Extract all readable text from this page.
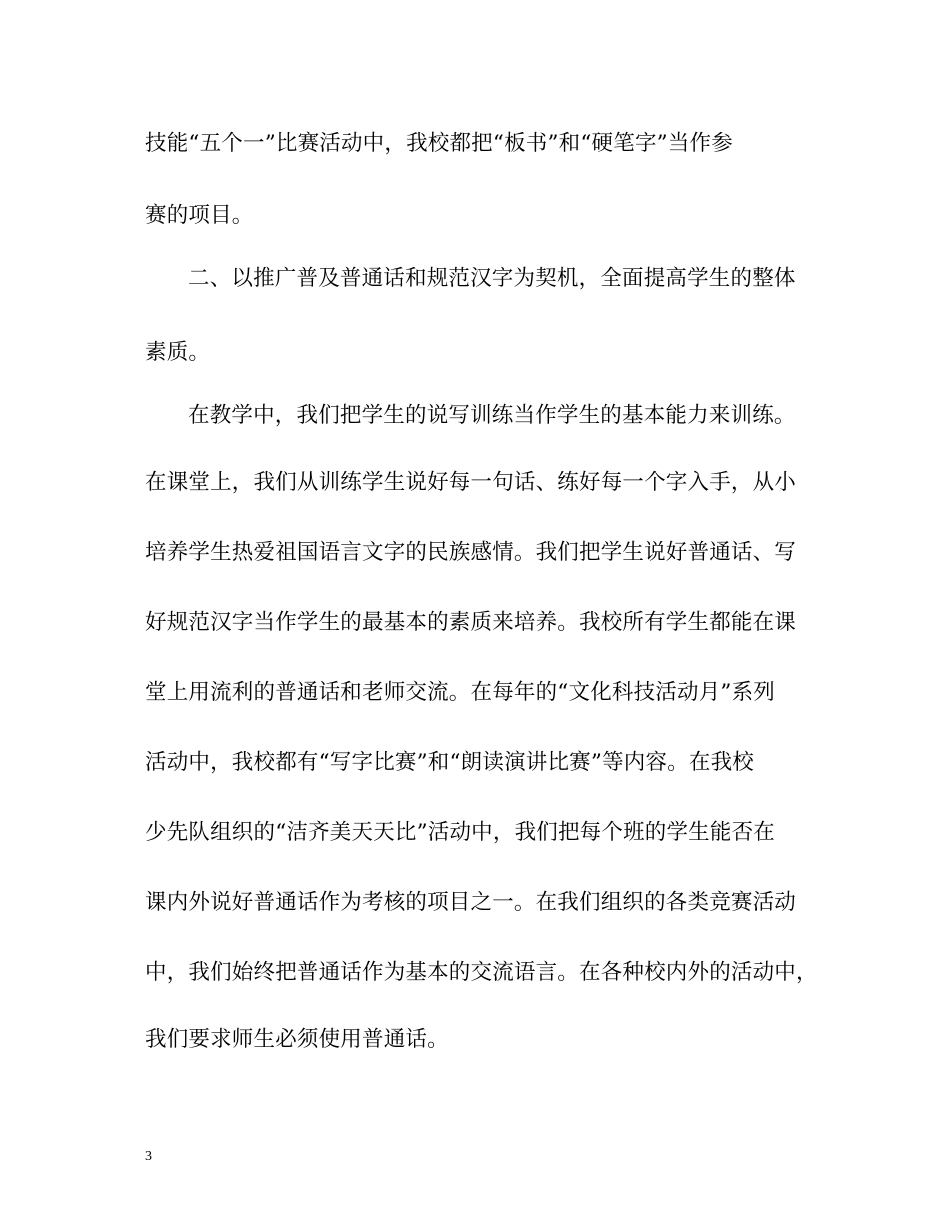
技能“五个一”比赛活动中，我校都把“板书”和“硬笔字”当作参
赛的项目。
二、以推广普及普通话和规范汉字为契机，全面提高学生的整体
素质。
在教学中，我们把学生的说写训练当作学生的基本能力来训练。
在课堂上，我们从训练学生说好每一句话、练好每一个字入手，从小
培养学生热爱祖国语言文字的民族感情。我们把学生说好普通话、写
好规范汉字当作学生的最基本的素质来培养。我校所有学生都能在课
堂上用流利的普通话和老师交流。在每年的“文化科技活动月”系列
活动中，我校都有“写字比赛”和“朗读演讲比赛”等内容。在我校
少先队组织的“洁齐美天天比”活动中，我们把每个班的学生能否在
课内外说好普通话作为考核的项目之一。在我们组织的各类竞赛活动
中，我们始终把普通话作为基本的交流语言。在各种校内外的活动中，
我们要求师生必须使用普通话。
3
